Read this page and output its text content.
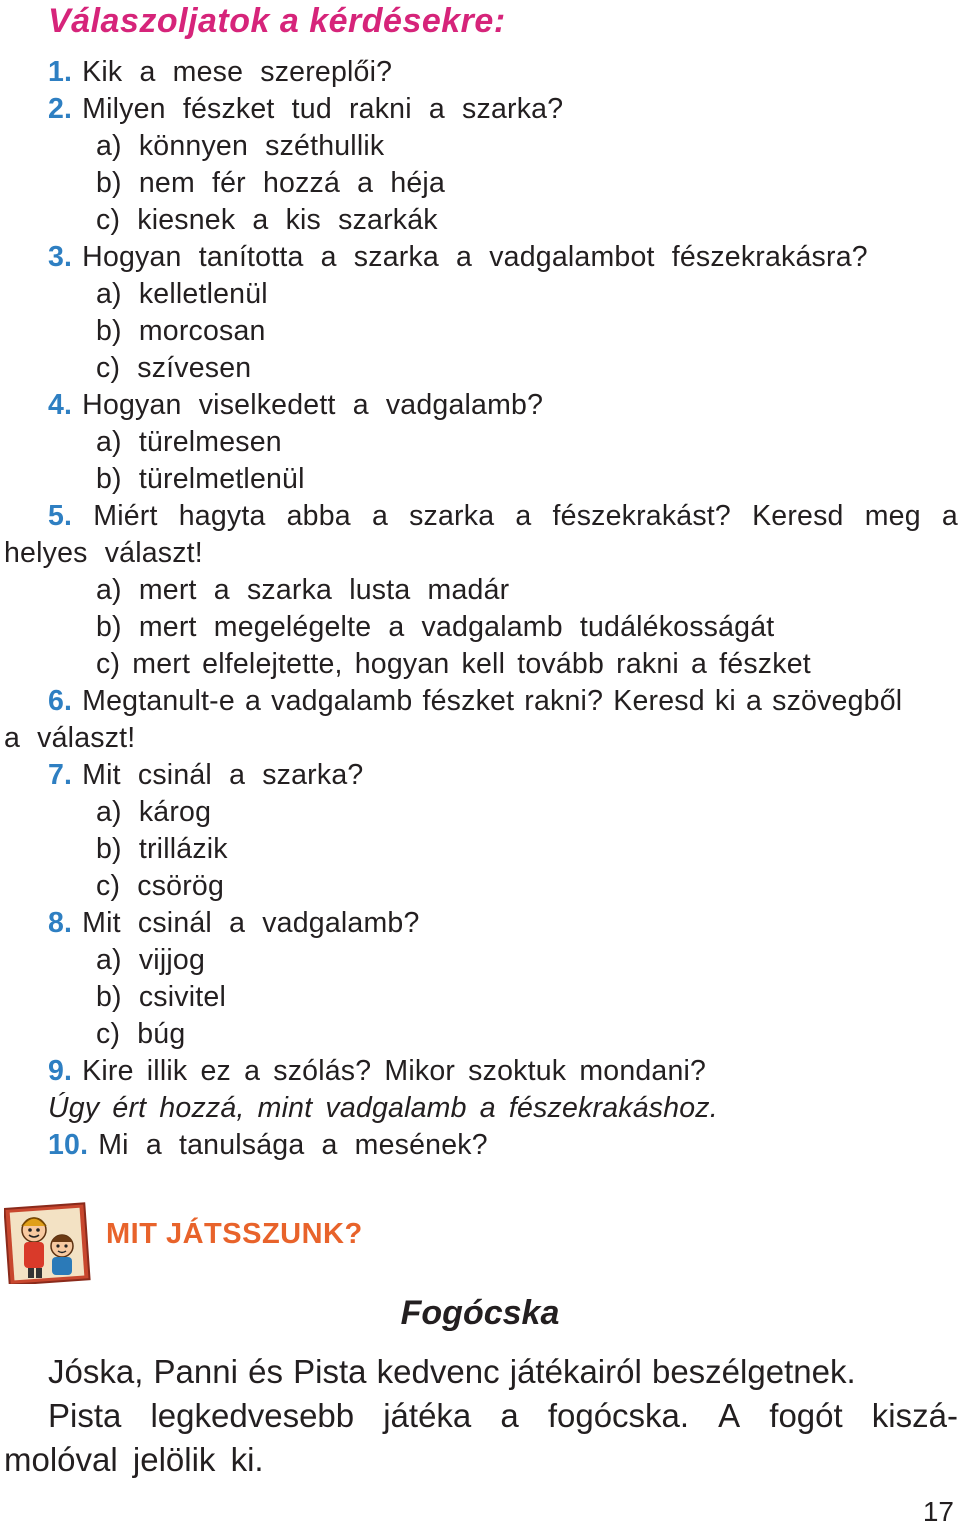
Válaszoljatok a kérdésekre:
1. Kik a mese szereplői?
2. Milyen fészket tud rakni a szarka?
a) könnyen széthullik
b) nem fér hozzá a héja
c) kiesnek a kis szarkák
3. Hogyan tanította a szarka a vadgalambot fészekrakásra?
a) kelletlenül
b) morcosan
c) szívesen
4. Hogyan viselkedett a vadgalamb?
a) türelmesen
b) türelmetlenül
5. Miért hagyta abba a szarka a fészekrakást? Keresd meg a
helyes választ!
a) mert a szarka lusta madár
b) mert megelégelte a vadgalamb tudálékosságát
c) mert elfelejtette, hogyan kell tovább rakni a fészket
6. Megtanult-e a vadgalamb fészket rakni? Keresd ki a szövegből
a választ!
7. Mit csinál a szarka?
a) károg
b) trillázik
c) csörög
8. Mit csinál a vadgalamb?
a) vijjog
b) csivitel
c) búg
9. Kire illik ez a szólás? Mikor szoktuk mondani?
Úgy ért hozzá, mint vadgalamb a fészekrakáshoz.
10. Mi a tanulsága a mesének?
MIT JÁTSSZUNK?
Fogócska
Jóska, Panni és Pista kedvenc játékairól beszélgetnek.
Pista legkedvesebb játéka a fogócska. A fogót kiszá-
molóval jelölik ki.
17
